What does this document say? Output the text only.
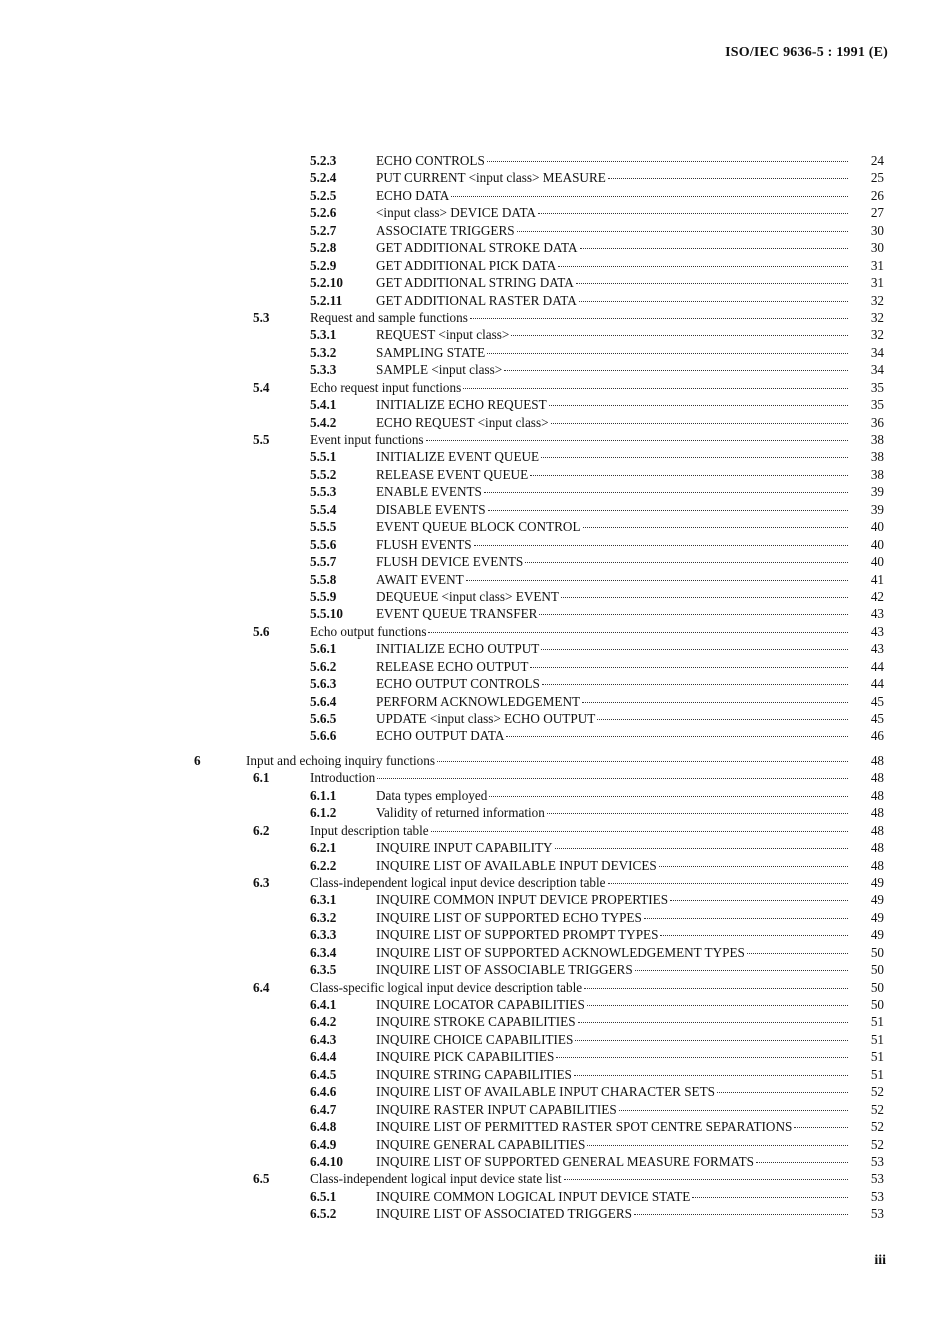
ISO/IEC 9636-5 : 1991 (E)
5.2.3	ECHO CONTROLS	24
5.2.4	PUT CURRENT <input class> MEASURE	25
5.2.5	ECHO DATA	26
5.2.6	<input class> DEVICE DATA	27
5.2.7	ASSOCIATE TRIGGERS	30
5.2.8	GET ADDITIONAL STROKE DATA	30
5.2.9	GET ADDITIONAL PICK DATA	31
5.2.10	GET ADDITIONAL STRING DATA	31
5.2.11	GET ADDITIONAL RASTER DATA	32
5.3	Request and sample functions	32
5.3.1	REQUEST <input class>	32
5.3.2	SAMPLING STATE	34
5.3.3	SAMPLE <input class>	34
5.4	Echo request input functions	35
5.4.1	INITIALIZE ECHO REQUEST	35
5.4.2	ECHO REQUEST <input class>	36
5.5	Event input functions	38
5.5.1	INITIALIZE EVENT QUEUE	38
5.5.2	RELEASE EVENT QUEUE	38
5.5.3	ENABLE EVENTS	39
5.5.4	DISABLE EVENTS	39
5.5.5	EVENT QUEUE BLOCK CONTROL	40
5.5.6	FLUSH EVENTS	40
5.5.7	FLUSH DEVICE EVENTS	40
5.5.8	AWAIT EVENT	41
5.5.9	DEQUEUE <input class> EVENT	42
5.5.10	EVENT QUEUE TRANSFER	43
5.6	Echo output functions	43
5.6.1	INITIALIZE ECHO OUTPUT	43
5.6.2	RELEASE ECHO OUTPUT	44
5.6.3	ECHO OUTPUT CONTROLS	44
5.6.4	PERFORM ACKNOWLEDGEMENT	45
5.6.5	UPDATE <input class> ECHO OUTPUT	45
5.6.6	ECHO OUTPUT DATA	46
6	Input and echoing inquiry functions	48
6.1	Introduction	48
6.1.1	Data types employed	48
6.1.2	Validity of returned information	48
6.2	Input description table	48
6.2.1	INQUIRE INPUT CAPABILITY	48
6.2.2	INQUIRE LIST OF AVAILABLE INPUT DEVICES	48
6.3	Class-independent logical input device description table	49
6.3.1	INQUIRE COMMON INPUT DEVICE PROPERTIES	49
6.3.2	INQUIRE LIST OF SUPPORTED ECHO TYPES	49
6.3.3	INQUIRE LIST OF SUPPORTED PROMPT TYPES	49
6.3.4	INQUIRE LIST OF SUPPORTED ACKNOWLEDGEMENT TYPES	50
6.3.5	INQUIRE LIST OF ASSOCIABLE TRIGGERS	50
6.4	Class-specific logical input device description table	50
6.4.1	INQUIRE LOCATOR CAPABILITIES	50
6.4.2	INQUIRE STROKE CAPABILITIES	51
6.4.3	INQUIRE CHOICE CAPABILITIES	51
6.4.4	INQUIRE PICK CAPABILITIES	51
6.4.5	INQUIRE STRING CAPABILITIES	51
6.4.6	INQUIRE LIST OF AVAILABLE INPUT CHARACTER SETS	52
6.4.7	INQUIRE RASTER INPUT CAPABILITIES	52
6.4.8	INQUIRE LIST OF PERMITTED RASTER SPOT CENTRE SEPARATIONS	52
6.4.9	INQUIRE GENERAL CAPABILITIES	52
6.4.10	INQUIRE LIST OF SUPPORTED GENERAL MEASURE FORMATS	53
6.5	Class-independent logical input device state list	53
6.5.1	INQUIRE COMMON LOGICAL INPUT DEVICE STATE	53
6.5.2	INQUIRE LIST OF ASSOCIATED TRIGGERS	53
iii
